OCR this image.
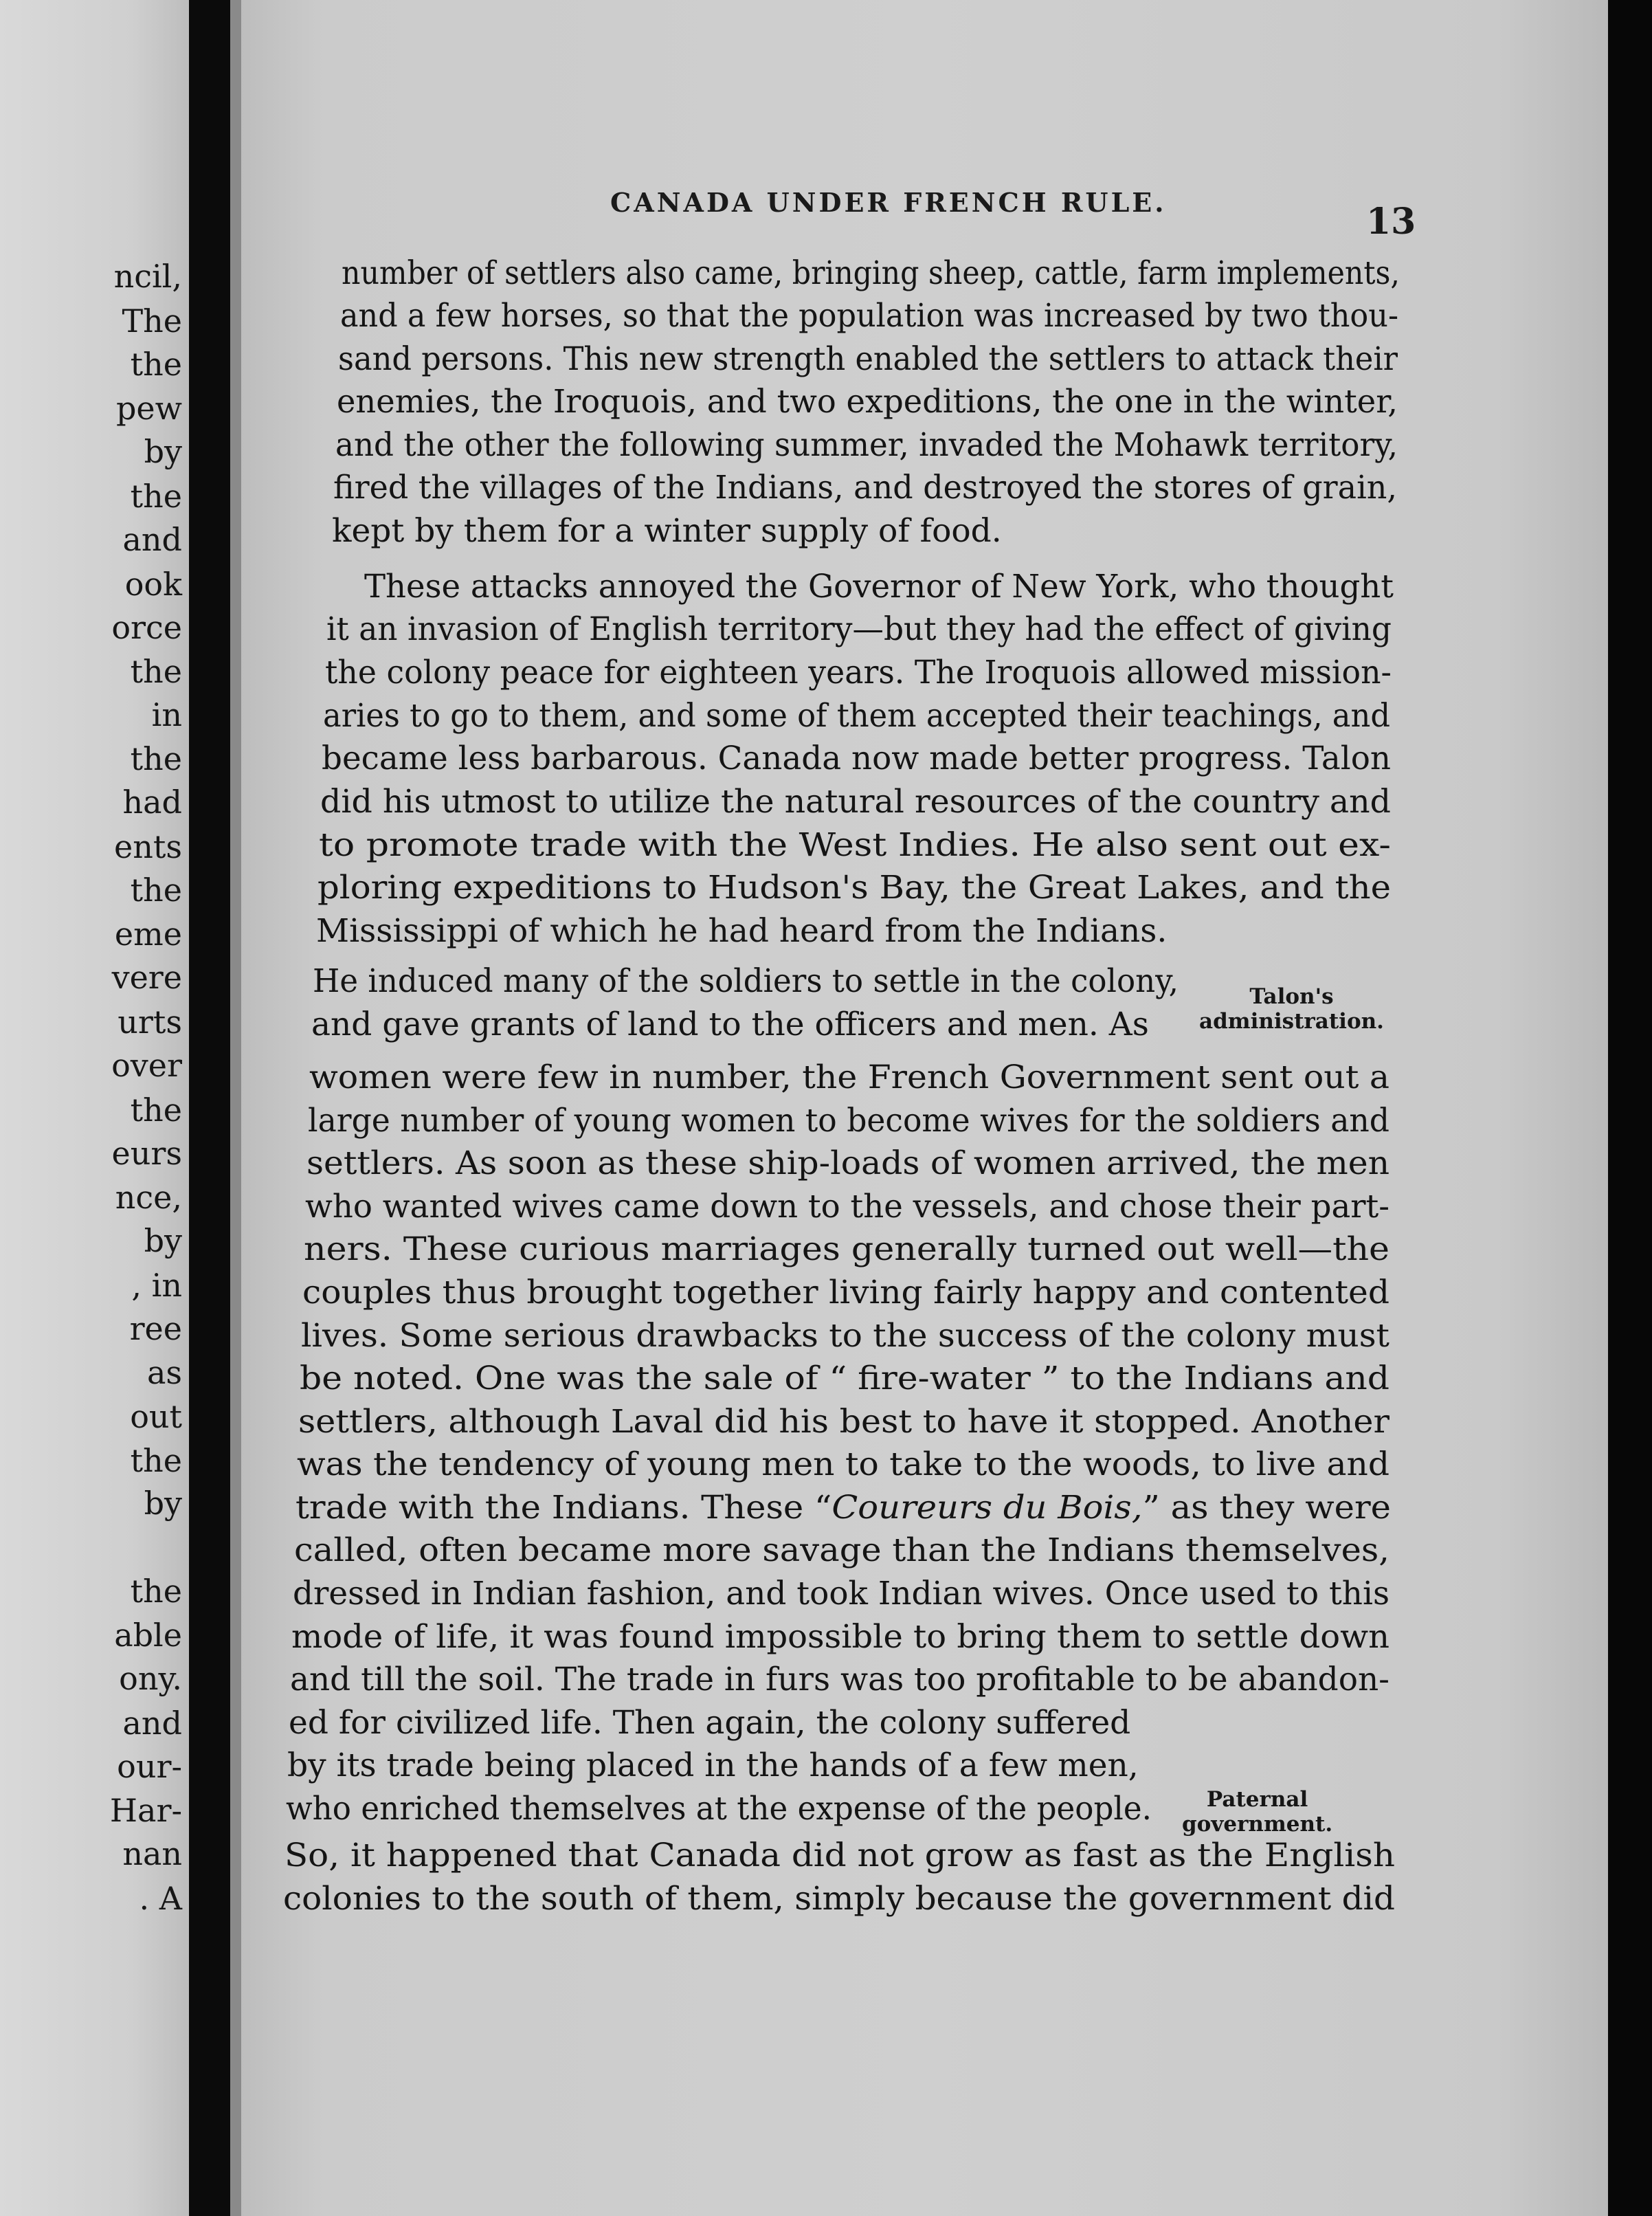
ncil,
The
the
pew
by
the
and
ook
orce
the
in
the
had
ents
the
eme
vere
urts
over
the
eurs
nce,
by
, in
ree
as
out
the
by
the
able
ony.
and
our-
Har-
nan
. A
CANADA UNDER FRENCH RULE.	13
number of settlers also came, bringing sheep, cattle, farm implements,
and a few horses, so that the population was increased by two thou-
sand persons. This new strength enabled the settlers to attack their
enemies, the Iroquois, and two expeditions, the one in the winter,
and the other the following summer, invaded the Mohawk territory,
fired the villages of the Indians, and destroyed the stores of grain,
kept by them for a winter supply of food.
These attacks annoyed the Governor of New York, who thought
it an invasion of English territory—but they had the effect of giving
the colony peace for eighteen years. The Iroquois allowed mission-
aries to go to them, and some of them accepted their teachings, and
became less barbarous. Canada now made better progress. Talon
did his utmost to utilize the natural resources of the country and
to promote trade with the West Indies. He also sent out ex-
ploring expeditions to Hudson's Bay, the Great Lakes, and the
Mississippi of which he had heard from the Indians.
He induced many of the soldiers to settle in the colony,
and gave grants of land to the officers and men. As
women were few in number, the French Government sent out a
large number of young women to become wives for the soldiers and
settlers. As soon as these ship-loads of women arrived, the men
who wanted wives came down to the vessels, and chose their part-
ners. These curious marriages generally turned out well—the
couples thus brought together living fairly happy and contented
lives. Some serious drawbacks to the success of the colony must
be noted. One was the sale of “ fire-water ” to the Indians and
settlers, although Laval did his best to have it stopped. Another
was the tendency of young men to take to the woods, to live and
trade with the Indians. These “Coureurs du Bois,” as they were
called, often became more savage than the Indians themselves,
dressed in Indian fashion, and took Indian wives. Once used to this
mode of life, it was found impossible to bring them to settle down
and till the soil. The trade in furs was too profitable to be abandon-
ed for civilized life. Then again, the colony suffered
by its trade being placed in the hands of a few men,
who enriched themselves at the expense of the people.
So, it happened that Canada did not grow as fast as the English
colonies to the south of them, simply because the government did
Talon's
administration.
Paternal
government.
